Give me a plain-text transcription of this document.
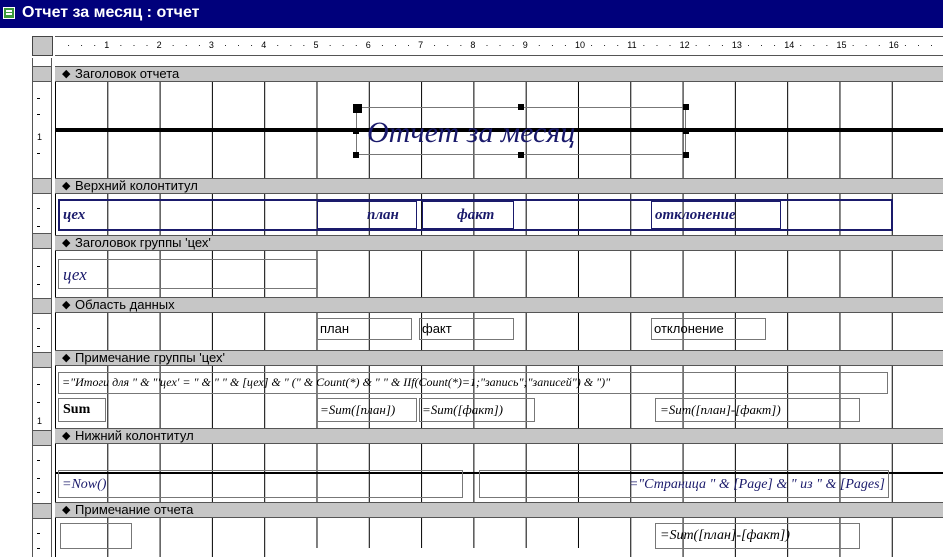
Отчет за месяц : отчет
· · ·	· · ·	· · ·	· · ·	· · ·	· · ·	· · ·	· · ·	· · ·	· · ·	· · ·	· · ·	· · ·	· · ·	· · ·	· · ·	· · ·
1	2	3	4	5	6	7	8	9	10	11	12	13	14	15	16
1
1
◆ Заголовок отчета
Отчет за месяц
◆ Верхний колонтитул
цех	план	факт	отклонение
◆ Заголовок группы 'цех'
цех
◆ Область данных
план	факт	отклонение
◆ Примечание группы 'цех'
="Итоги для " & "'цех' = " & " " & [цех] & " (" & Count(*) & " " & IIf(Count(*)=1;"запись";"записей") & ")"
Sum	=Sum([план])	=Sum([факт])	=Sum([план]-[факт])
◆ Нижний колонтитул
=Now()	="Страница " & [Page] & " из " & [Pages]
◆ Примечание отчета
=Sum([план]-[факт])
